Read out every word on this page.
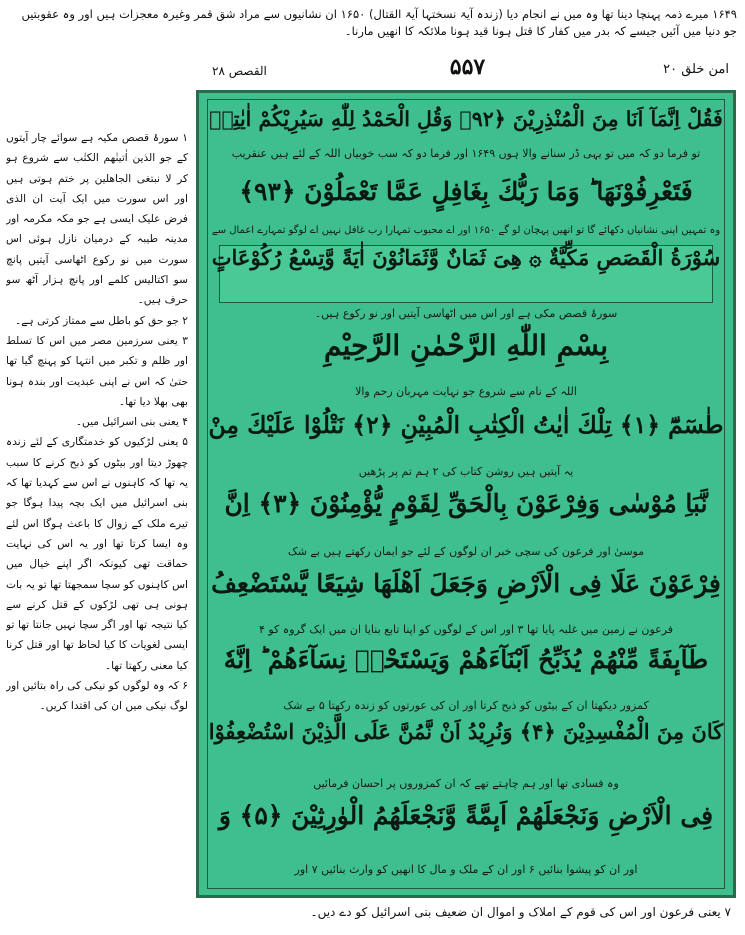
۱۶۴۹ میرے ذمہ پہنچا دینا تھا وہ میں نے انجام دیا (زندہ آیۃ نسختہا آیۃ القتال) ۱۶۵۰ ان نشانیوں سے مراد شق قمر وغیرہ معجزات ہیں اور وہ عقوبتیں جو دنیا میں آئیں جیسے کہ بدر میں کفار کا قتل ہونا قید ہونا ملائکہ کا انھیں مارنا۔
امن خلق ۲۰
۵۵۷
القصص ۲۸

۱ سورۂ قصص مکیہ ہے سوائے چار آیتوں کے جو الذین اٰتینٰھم الکتٰب سے شروع ہو کر لا نبتغی الجاھلین پر ختم ہوتی ہیں اور اس سورت میں ایک آیت ان الذی فرض علیک ایسی ہے جو مکہ مکرمہ اور مدینہ طیبہ کے درمیان نازل ہوئی اس سورت میں نو رکوع اٹھاسی آیتیں پانچ سو اکتالیس کلمے اور پانچ ہزار آٹھ سو حرف ہیں۔

۲ جو حق کو باطل سے ممتاز کرتی ہے۔

۳ یعنی سرزمین مصر میں اس کا تسلط اور ظلم و تکبر میں انتہا کو پہنچ گیا تھا حتیٰ کہ اس نے اپنی عبدیت اور بندہ ہونا بھی بھلا دیا تھا۔

۴ یعنی بنی اسرائیل میں۔

۵ یعنی لڑکیوں کو خدمتگاری کے لئے زندہ چھوڑ دیتا اور بیٹوں کو ذبح کرنے کا سبب یہ تھا کہ کاہنوں نے اس سے کہدیا تھا کہ بنی اسرائیل میں ایک بچہ پیدا ہوگا جو تیرے ملک کے زوال کا باعث ہوگا اس لئے وہ ایسا کرتا تھا اور یہ اس کی نہایت حماقت تھی کیونکہ اگر اپنے خیال میں اس کاہنوں کو سچا سمجھتا تھا تو یہ بات ہونی ہی تھی لڑکوں کے قتل کرنے سے کیا نتیجہ تھا اور اگر سچا نہیں جانتا تھا تو ایسی لغویات کا کیا لحاظ تھا اور قتل کرنا کیا معنی رکھتا تھا۔

۶ کہ وہ لوگوں کو نیکی کی راہ بتائیں اور لوگ نیکی میں ان کی اقتدا کریں۔

فَقُلْ اِنَّمَآ اَنَا مِنَ الْمُنْذِرِیْنَ ﴿۹۲﴾ وَقُلِ الْحَمْدُ لِلّٰهِ سَیُرِیْكُمْ اٰیٰتِهٖ
تو فرما دو کہ میں تو یہی ڈر سنانے والا ہوں ۱۶۴۹ اور فرما دو کہ سب خوبیاں اللہ کے لئے ہیں عنقریب
فَتَعْرِفُوْنَهَا ؕ وَمَا رَبُّكَ بِغَافِلٍ عَمَّا تَعْمَلُوْنَ ﴿۹۳﴾
وہ تمہیں اپنی نشانیاں دکھائے گا تو انھیں پہچان لو گے ۱۶۵۰ اور اے محبوب تمہارا رب غافل نہیں اے لوگو تمہارے اعمال سے
سُوْرَةُ الْقَصَصِ مَكِّیَّةٌ ۞ هِیَ ثَمَانٌ وَّثَمَانُوْنَ اٰیَةً وَّتِسْعُ رُكُوْعَاتٍ
سورۂ قصص مکی ہے اور اس میں اٹھاسی آیتیں اور نو رکوع ہیں۔
بِسْمِ اللّٰهِ الرَّحْمٰنِ الرَّحِیْمِ
اللہ کے نام سے شروع جو نہایت مہربان رحم والا
طٰسٓمّٓ ﴿۱﴾ تِلْكَ اٰیٰتُ الْكِتٰبِ الْمُبِیْنِ ﴿۲﴾ نَتْلُوْا عَلَیْكَ مِنْ
یہ آیتیں ہیں روشن کتاب کی ۲ ہم تم پر پڑھیں
نَّبَاِ مُوْسٰى وَفِرْعَوْنَ بِالْحَقِّ لِقَوْمٍ یُّؤْمِنُوْنَ ﴿۳﴾ اِنَّ
موسیٰ اور فرعون کی سچی خبر ان لوگوں کے لئے جو ایمان رکھتے ہیں بے شک
فِرْعَوْنَ عَلَا فِی الْاَرْضِ وَجَعَلَ اَهْلَهَا شِیَعًا یَّسْتَضْعِفُ
فرعون نے زمین میں غلبہ پایا تھا ۳ اور اس کے لوگوں کو اپنا تابع بنایا ان میں ایک گروہ کو ۴
طَآىٕفَةً مِّنْهُمْ یُذَبِّحُ اَبْنَآءَهُمْ وَیَسْتَحْیٖ نِسَآءَهُمْ ؕ اِنَّهٗ
کمزور دیکھتا ان کے بیٹوں کو ذبح کرتا اور ان کی عورتوں کو زندہ رکھتا ۵ بے شک
كَانَ مِنَ الْمُفْسِدِیْنَ ﴿۴﴾ وَنُرِیْدُ اَنْ نَّمُنَّ عَلَى الَّذِیْنَ اسْتُضْعِفُوْا
وہ فسادی تھا اور ہم چاہتے تھے کہ ان کمزوروں پر احسان فرمائیں
فِی الْاَرْضِ وَنَجْعَلَهُمْ اَىٕمَّةً وَّنَجْعَلَهُمُ الْوٰرِثِیْنَ ﴿۵﴾ وَ
اور ان کو پیشوا بنائیں ۶ اور ان کے ملک و مال کا انھیں کو وارث بنائیں ۷ اور
۷ یعنی فرعون اور اس کی قوم کے املاک و اموال ان ضعیف بنی اسرائیل کو دے دیں۔
